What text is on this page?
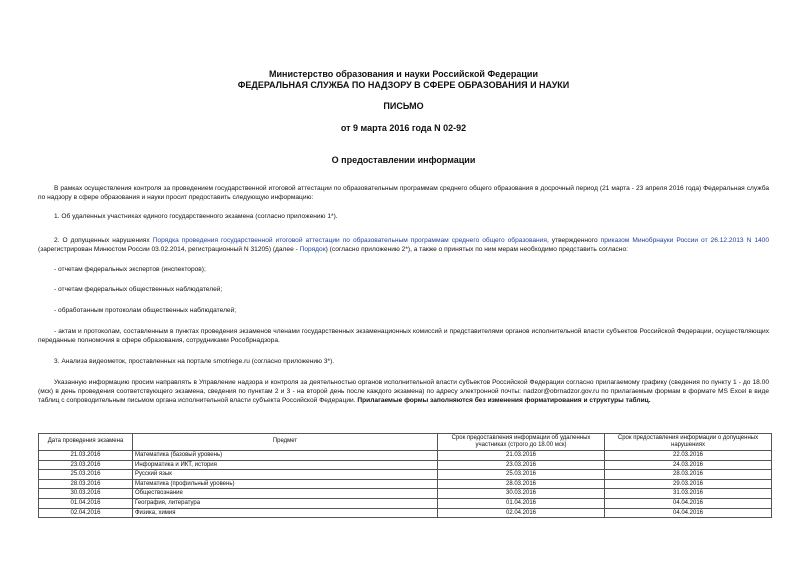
Министерство образования и науки Российской Федерации
ФЕДЕРАЛЬНАЯ СЛУЖБА ПО НАДЗОРУ В СФЕРЕ ОБРАЗОВАНИЯ И НАУКИ
ПИСЬМО
от 9 марта 2016 года N 02-92
О предоставлении информации
В рамках осуществления контроля за проведением государственной итоговой аттестации по образовательным программам среднего общего образования в досрочный период (21 марта - 23 апреля 2016 года) Федеральная служба по надзору в сфере образования и науки просит предоставить следующую информацию:
1. Об удаленных участниках единого государственного экзамена (согласно приложению 1*).
2. О допущенных нарушениях Порядка проведения государственной итоговой аттестации по образовательным программам среднего общего образования, утвержденного приказом Минобрнауки России от 26.12.2013 N 1400 (зарегистрирован Минюстом России 03.02.2014, регистрационный N 31205) (далее - Порядок) (согласно приложению 2*), а также о принятых по ним мерам необходимо представить согласно:
- отчетам федеральных экспертов (инспекторов);
- отчетам федеральных общественных наблюдателей;
- обработанным протоколам общественных наблюдателей;
- актам и протоколам, составленным в пунктах проведения экзаменов членами государственных экзаменационных комиссий и представителями органов исполнительной власти субъектов Российской Федерации, осуществляющих переданные полномочия в сфере образования, сотрудниками Рособрнадзора.
3. Анализа видеометок, проставленных на портале smotriege.ru (согласно приложению 3*).
Указанную информацию просим направлять в Управление надзора и контроля за деятельностью органов исполнительной власти субъектов Российской Федерации согласно прилагаемому графику (сведения по пункту 1 - до 18.00 (мск) в день проведения соответствующего экзамена, сведения по пунктам 2 и 3 - на второй день после каждого экзамена) по адресу электронной почты: nadzor@obrnadzor.gov.ru по прилагаемым формам в формате MS Excel в виде таблиц с сопроводительным письмом органа исполнительной власти субъекта Российской Федерации. Прилагаемые формы заполняются без изменения форматирования и структуры таблиц.
Дата проведения экзамена	Предмет	Срок предоставления информации об удаленных участниках (строго до 18.00 мск)	Срок предоставления информации о допущенных нарушениях
21.03.2016	Математика (базовый уровень)	21.03.2016	22.03.2016
23.03.2016	Информатика и ИКТ, история	23.03.2016	24.03.2016
25.03.2016	Русский язык	25.03.2016	28.03.2016
28.03.2016	Математика (профильный уровень)	28.03.2016	29.03.2016
30.03.2016	Обществознание	30.03.2016	31.03.2016
01.04.2016	География, литература	01.04.2016	04.04.2016
02.04.2016	Физика, химия	02.04.2016	04.04.2016
